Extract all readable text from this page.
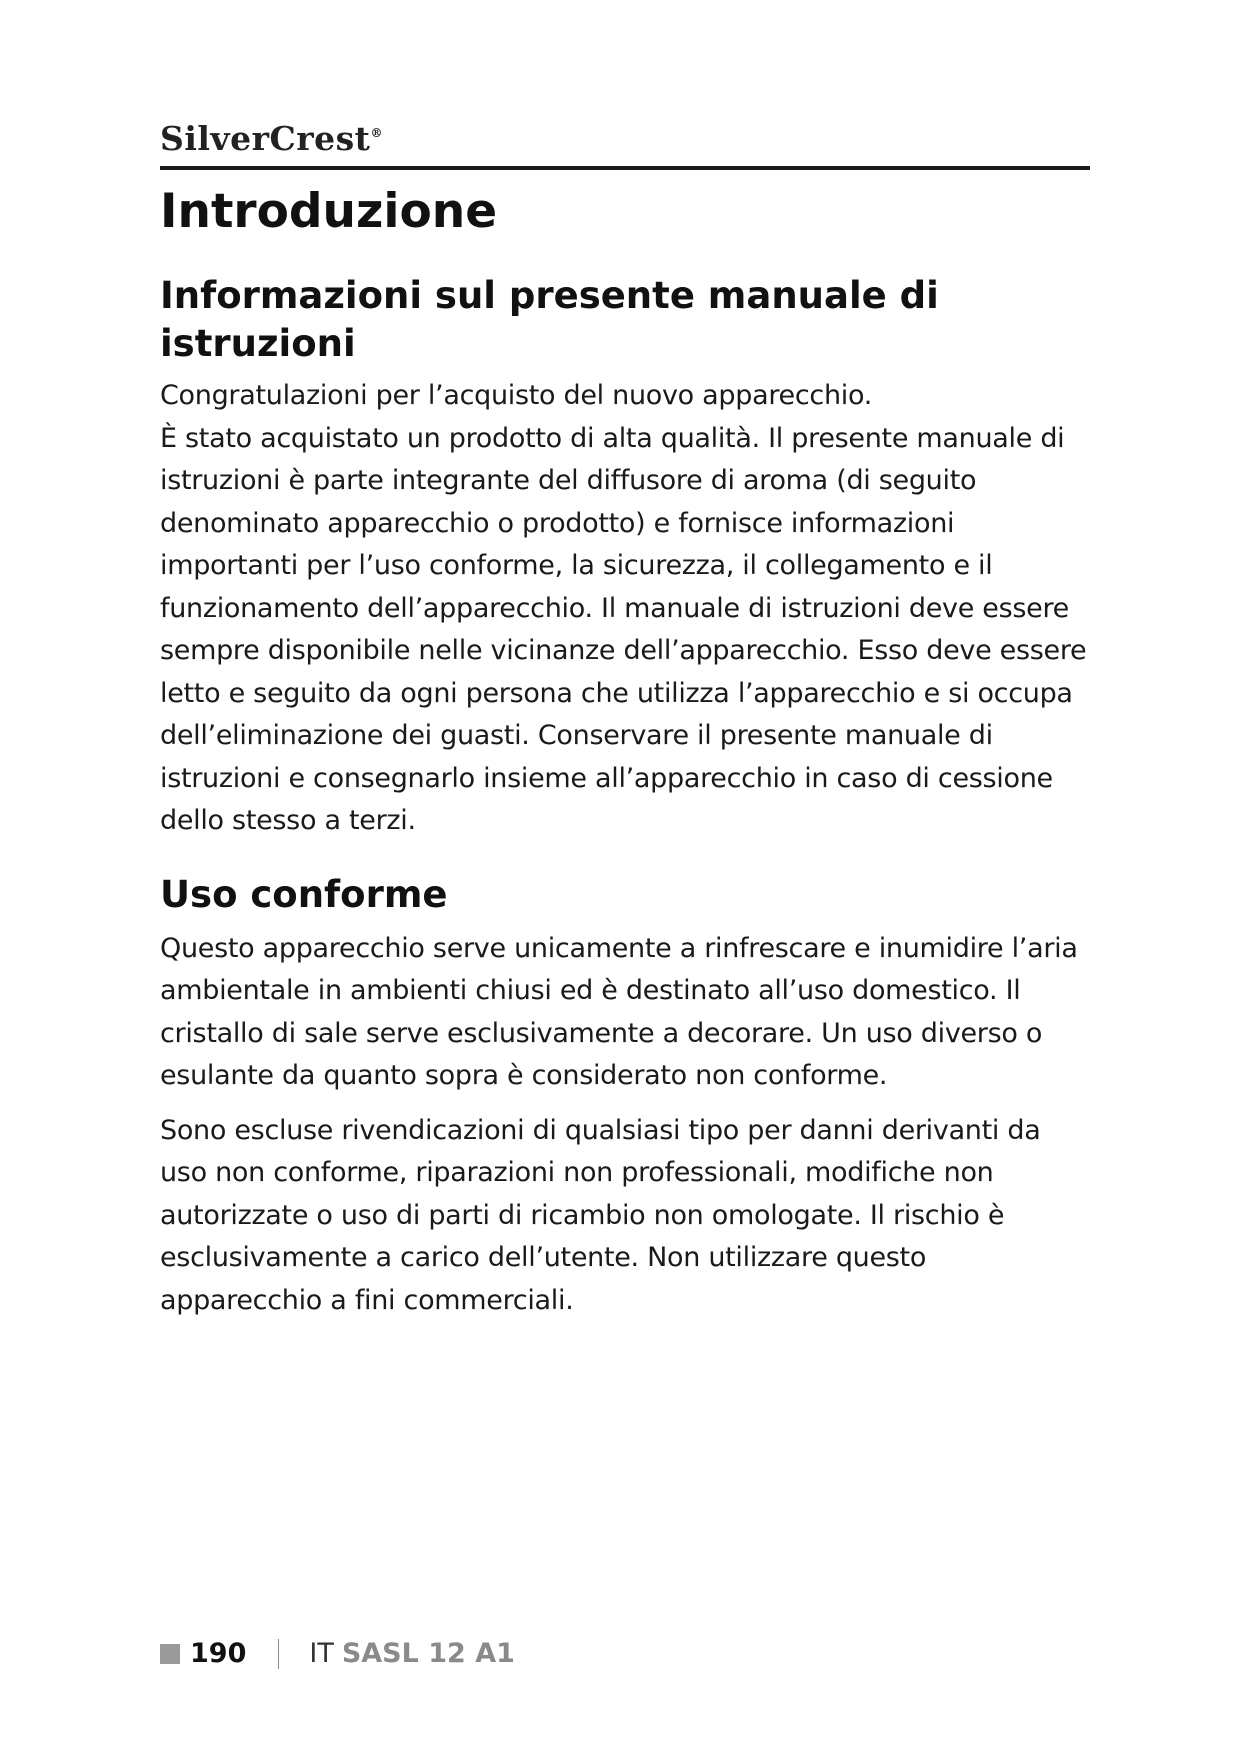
SilverCrest®
Introduzione
Informazioni sul presente manuale di istruzioni

Congratulazioni per l’acquisto del nuovo apparecchio.

È stato acquistato un prodotto di alta qualità. Il presente manuale di istruzioni è parte integrante del diffusore di aroma (di seguito denominato apparecchio o prodotto) e fornisce informazioni importanti per l’uso conforme, la sicurezza, il collegamento e il funzionamento dell’apparecchio. Il manuale di istruzioni deve essere sempre disponibile nelle vicinanze dell’apparecchio. Esso deve essere letto e seguito da ogni persona che utilizza l’apparecchio e si occupa dell’eliminazione dei guasti. Conservare il presente manuale di istruzioni e consegnarlo insieme all’apparecchio in caso di cessione dello stesso a terzi.

Uso conforme

Questo apparecchio serve unicamente a rinfrescare e inumidire l’aria ambientale in ambienti chiusi ed è destinato all’uso domestico. Il cristallo di sale serve esclusivamente a decorare. Un uso diverso o esulante da quanto sopra è considerato non conforme.

Sono escluse rivendicazioni di qualsiasi tipo per danni derivanti da uso non conforme, riparazioni non professionali, modifiche non autorizzate o uso di parti di ricambio non omologate. Il rischio è esclusivamente a carico dell’utente. Non utilizzare questo apparecchio a fini commerciali.

190 IT SASL 12 A1
